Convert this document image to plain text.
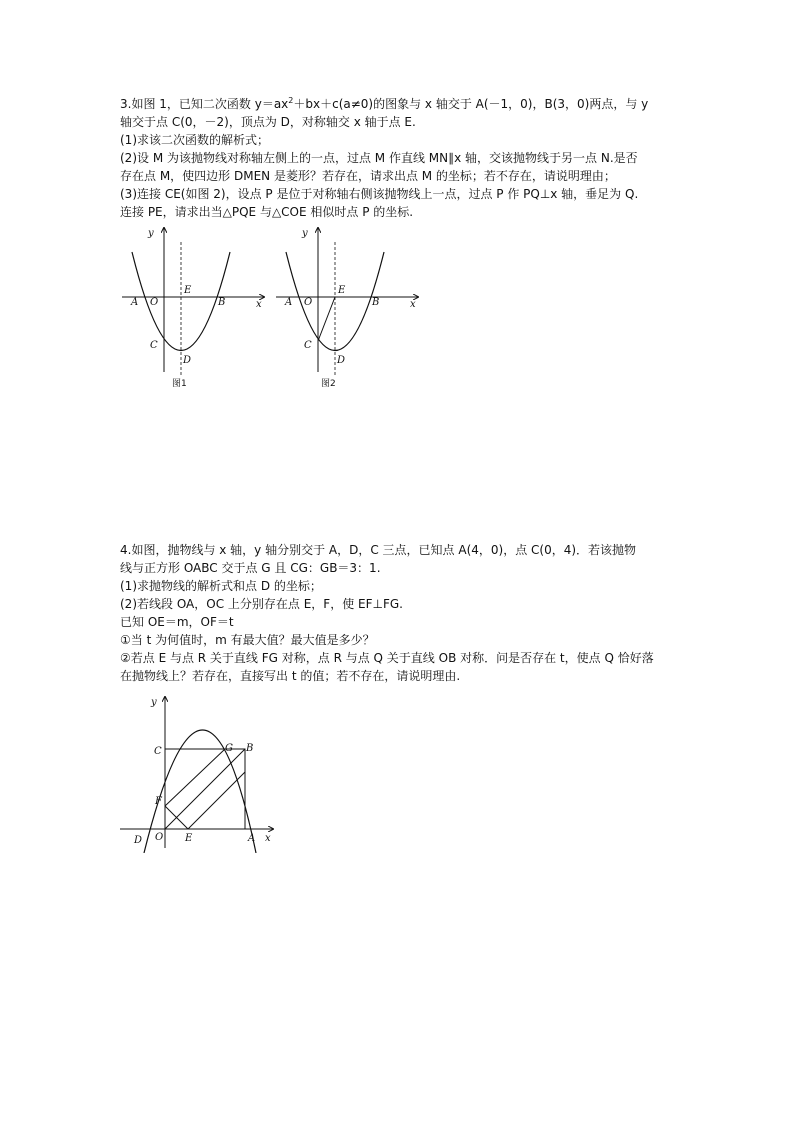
3.如图 1，已知二次函数 $y=ax^2+bx+c(a\ne 0)$的图象与 x 轴交于 A(－1，0)，B(3，0)两点，与 y

轴交于点 C(0，－2)，顶点为 D，对称轴交 x 轴于点 E.

(1)求该二次函数的解析式；

(2)设 M 为该抛物线对称轴左侧上的一点，过点 M 作直线 MN∥x 轴，交该抛物线于另一点 N.是否

存在点 M，使四边形 DMEN 是菱形？若存在，请求出点 M 的坐标；若不存在，请说明理由；

(3)连接 CE(如图 2)，设点 P 是位于对称轴右侧该抛物线上一点，过点 P 作 PQ⊥x 轴，垂足为 Q.

连接 PE，请求出当△PQE 与△COE 相似时点 P 的坐标.

y
x
A O
E
B
C
D
图1
y
x
A O
E
B
C
D
图2

4.如图，抛物线与 x 轴，y 轴分别交于 A，D，C 三点，已知点 A(4，0)，点 C(0，4)．若该抛物

线与正方形 OABC 交于点 G 且 CG：GB＝3：1.

(1)求抛物线的解析式和点 D 的坐标；

(2)若线段 OA，OC 上分别存在点 E，F，使 EF⊥FG.

已知 OE＝m，OF＝t

①当 t 为何值时，m 有最大值？最大值是多少？

②若点 E 与点 R 关于直线 FG 对称，点 R 与点 Q 关于直线 OB 对称．问是否存在 t，使点 Q 恰好落

在抛物线上？若存在，直接写出 t 的值；若不存在，请说明理由.

y
x
C	G B
F
O E	A
D
